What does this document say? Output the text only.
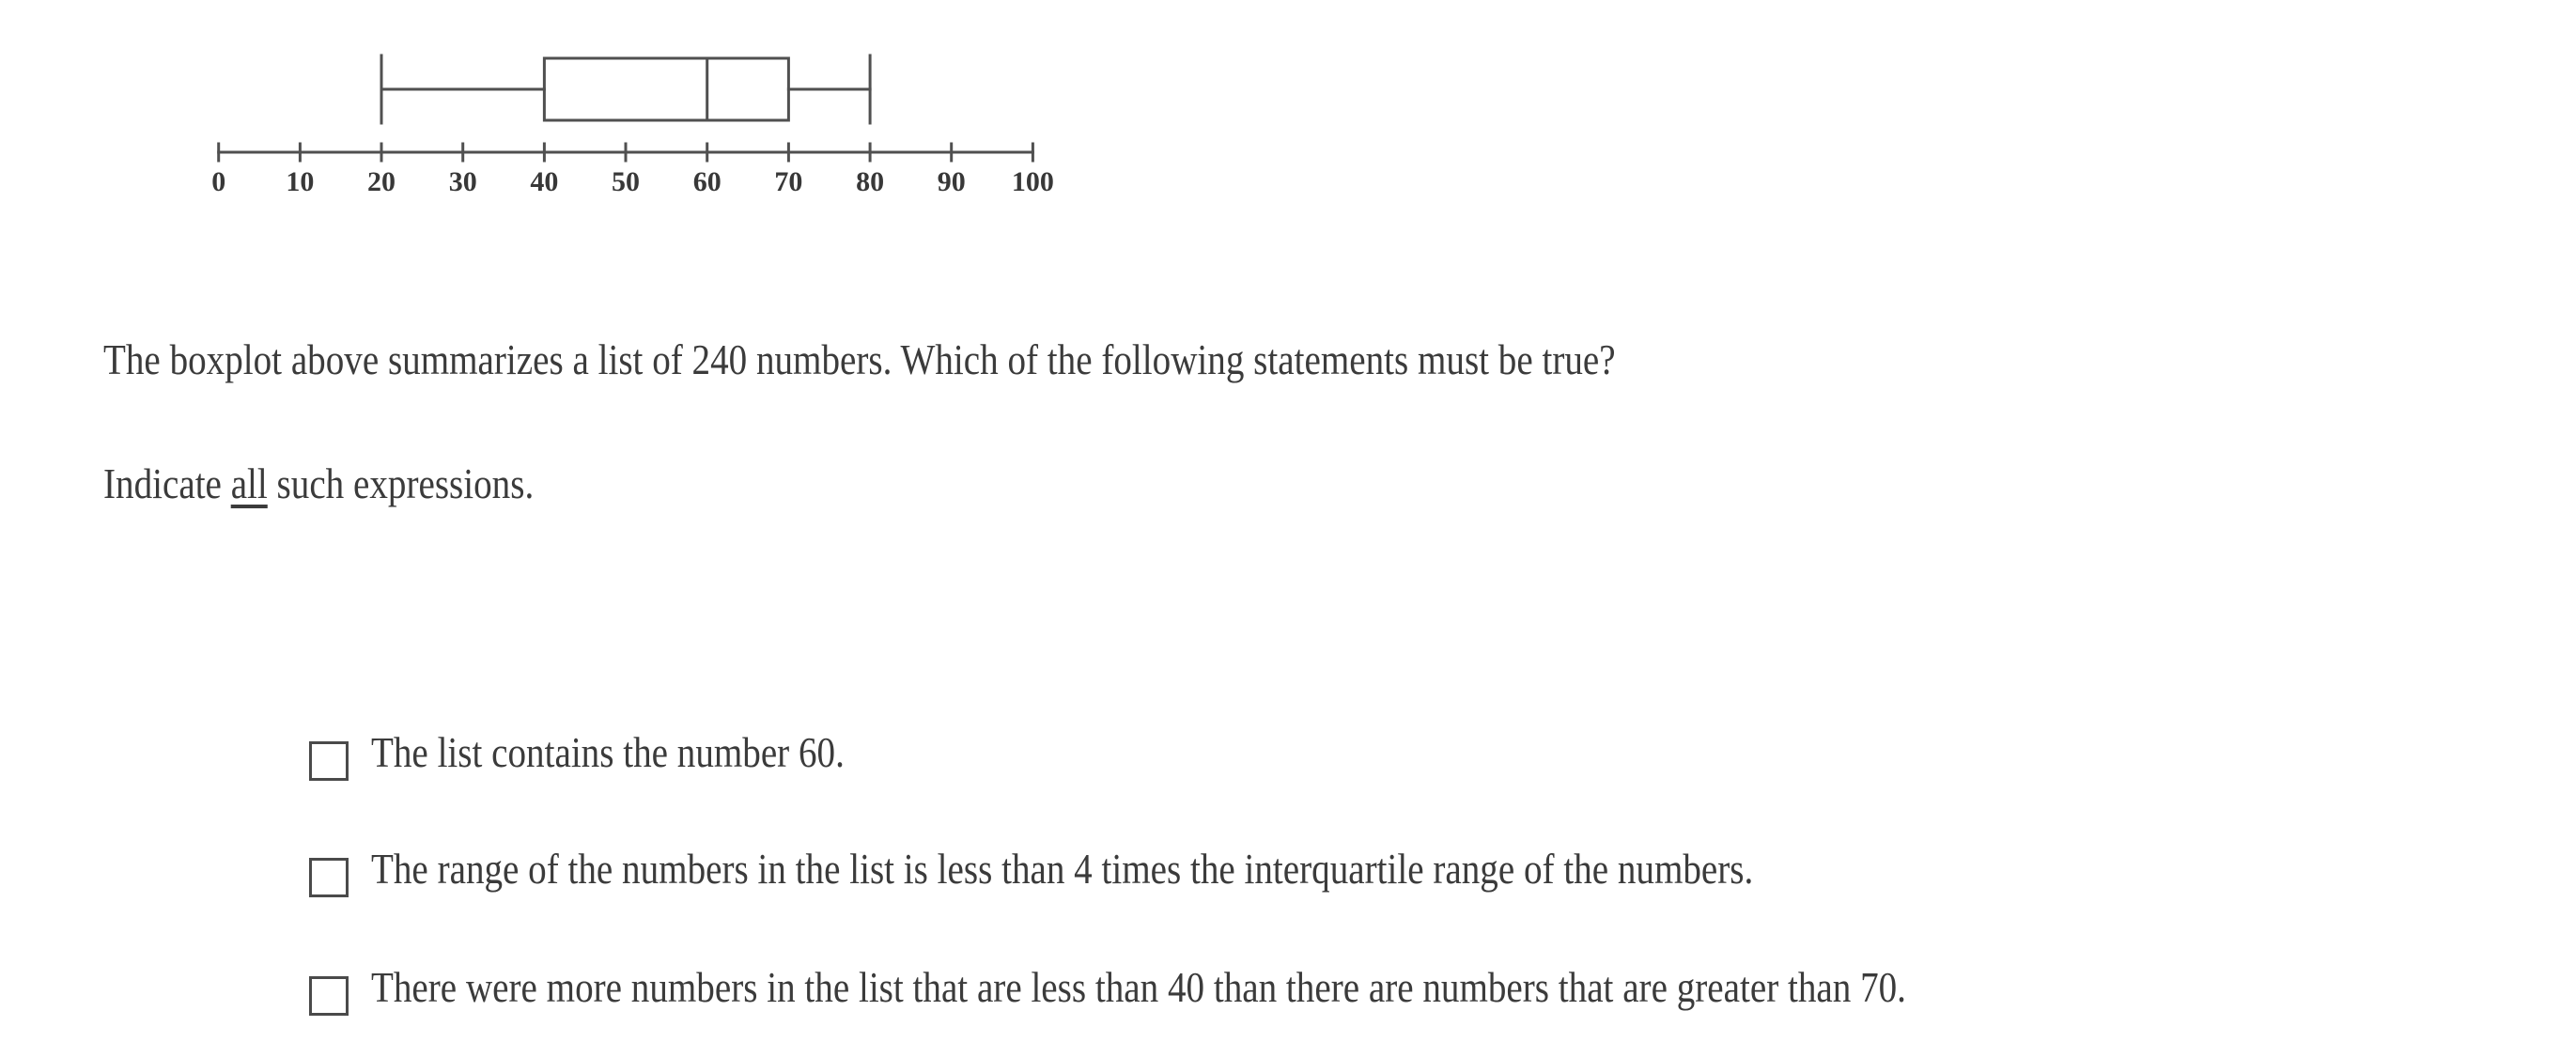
0 10 20 30 40 50 60 70 80 90 100
The boxplot above summarizes a list of 240 numbers. Which of the following statements must be true?
Indicate all such expressions.
The list contains the number 60.
The range of the numbers in the list is less than 4 times the interquartile range of the numbers.
There were more numbers in the list that are less than 40 than there are numbers that are greater than 70.
